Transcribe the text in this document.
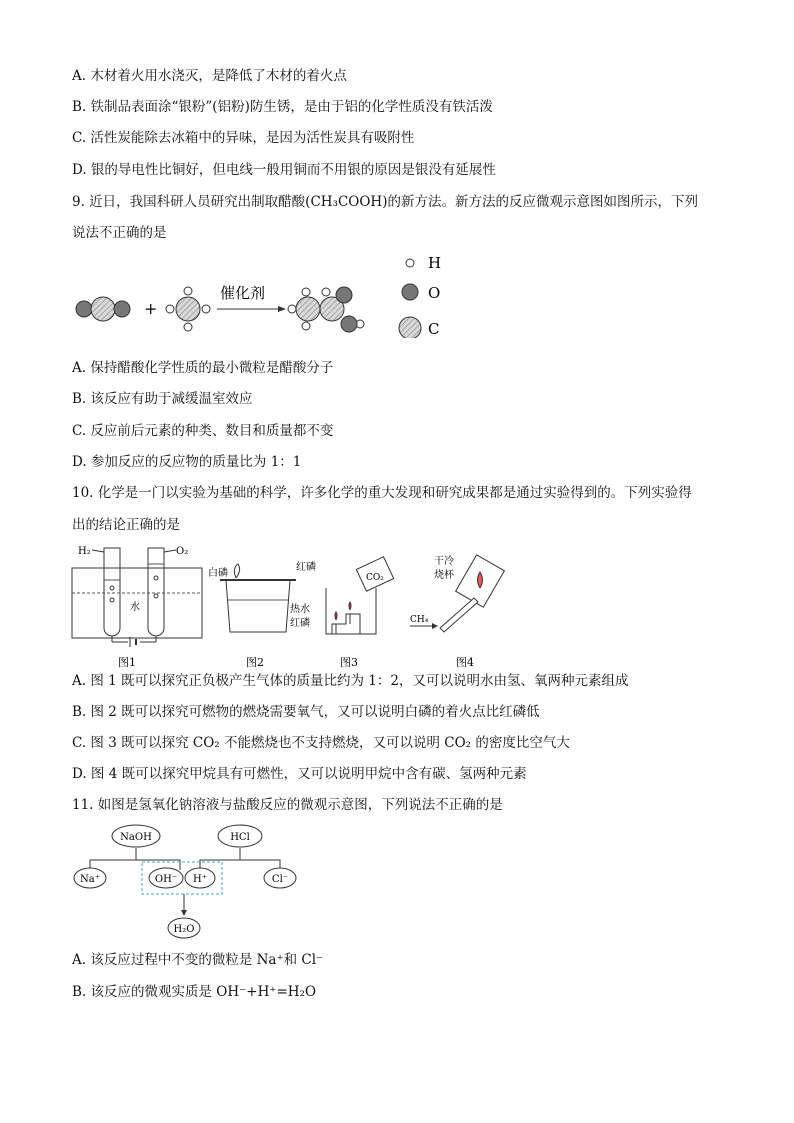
A. 木材着火用水浇灭，是降低了木材的着火点
B. 铁制品表面涂“银粉”(铝粉)防生锈，是由于铝的化学性质没有铁活泼
C. 活性炭能除去冰箱中的异味，是因为活性炭具有吸附性
D. 银的导电性比铜好，但电线一般用铜而不用银的原因是银没有延展性
9. 近日，我国科研人员研究出制取醋酸(CH₃COOH)的新方法。新方法的反应微观示意图如图所示，下列
说法不正确的是
+
催化剂
H
O
C
A. 保持醋酸化学性质的最小微粒是醋酸分子
B. 该反应有助于减缓温室效应
C. 反应前后元素的种类、数目和质量都不变
D. 参加反应的反应物的质量比为 1：1
10. 化学是一门以实验为基础的科学，许多化学的重大发现和研究成果都是通过实验得到的。下列实验得
出的结论正确的是
H₂	O₂
水
图1
白磷
红磷
热水
红磷
图2
CO₂
图3
干冷
烧杯
CH₄
图4
A. 图 1 既可以探究正负极产生气体的质量比约为 1：2，又可以说明水由氢、氧两种元素组成
B. 图 2 既可以探究可燃物的燃烧需要氧气，又可以说明白磷的着火点比红磷低
C. 图 3 既可以探究 CO₂ 不能燃烧也不支持燃烧，又可以说明 CO₂ 的密度比空气大
D. 图 4 既可以探究甲烷具有可燃性，又可以说明甲烷中含有碳、氢两种元素
11. 如图是氢氧化钠溶液与盐酸反应的微观示意图，下列说法不正确的是
NaOH	HCl
Na⁺	OH⁻ H⁺	Cl⁻
H₂O
A. 该反应过程中不变的微粒是 Na⁺和 Cl⁻
B. 该反应的微观实质是 OH⁻+H⁺=H₂O
